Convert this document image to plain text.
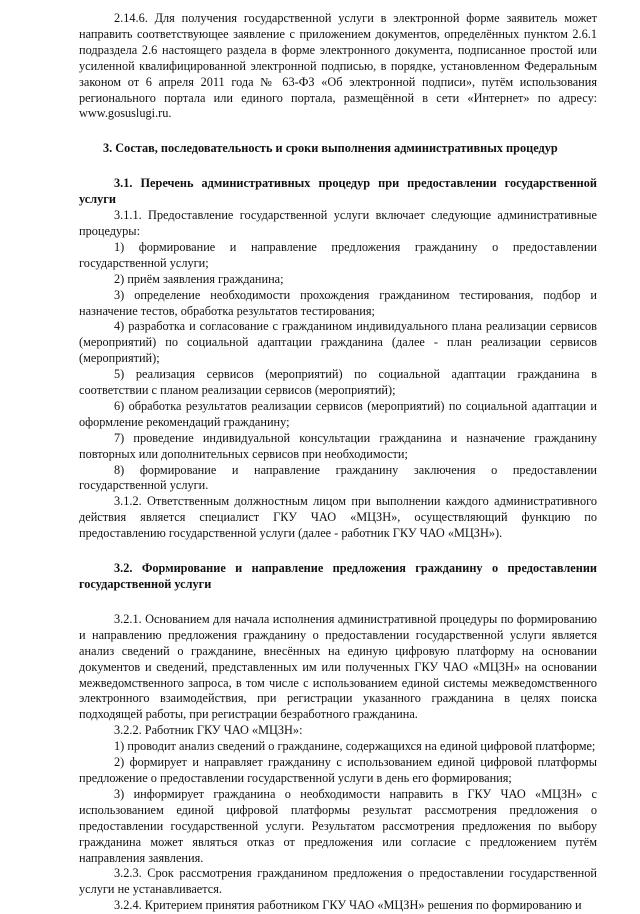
2.14.6. Для получения государственной услуги в электронной форме заявитель может направить соответствующее заявление с приложением документов, определённых пунктом 2.6.1 подраздела 2.6 настоящего раздела в форме электронного документа, подписанное простой или усиленной квалифицированной электронной подписью, в порядке, установленном Федеральным законом от 6 апреля 2011 года № 63-ФЗ «Об электронной подписи», путём использования регионального портала или единого портала, размещённой в сети «Интернет» по адресу: www.gosuslugi.ru.

3. Состав, последовательность и сроки выполнения административных процедур

3.1. Перечень административных процедур при предоставлении государственной услуги

3.1.1. Предоставление государственной услуги включает следующие административные процедуры:

1) формирование и направление предложения гражданину о предоставлении государственной услуги;

2) приём заявления гражданина;

3) определение необходимости прохождения гражданином тестирования, подбор и назначение тестов, обработка результатов тестирования;

4) разработка и согласование с гражданином индивидуального плана реализации сервисов (мероприятий) по социальной адаптации гражданина (далее - план реализации сервисов (мероприятий);

5) реализация сервисов (мероприятий) по социальной адаптации гражданина в соответствии с планом реализации сервисов (мероприятий);

6) обработка результатов реализации сервисов (мероприятий) по социальной адаптации и оформление рекомендаций гражданину;

7) проведение индивидуальной консультации гражданина и назначение гражданину повторных или дополнительных сервисов при необходимости;

8) формирование и направление гражданину заключения о предоставлении государственной услуги.

3.1.2. Ответственным должностным лицом при выполнении каждого административного действия является специалист ГКУ ЧАО «МЦЗН», осуществляющий функцию по предоставлению государственной услуги (далее - работник ГКУ ЧАО «МЦЗН»).

3.2. Формирование и направление предложения гражданину о предоставлении государственной услуги

3.2.1. Основанием для начала исполнения административной процедуры по формированию и направлению предложения гражданину о предоставлении государственной услуги является анализ сведений о гражданине, внесённых на единую цифровую платформу на основании документов и сведений, представленных им или полученных ГКУ ЧАО «МЦЗН» на основании межведомственного запроса, в том числе с использованием единой системы межведомственного электронного взаимодействия, при регистрации указанного гражданина в целях поиска подходящей работы, при регистрации безработного гражданина.

3.2.2. Работник ГКУ ЧАО «МЦЗН»:

1) проводит анализ сведений о гражданине, содержащихся на единой цифровой платформе;

2) формирует и направляет гражданину с использованием единой цифровой платформы предложение о предоставлении государственной услуги в день его формирования;

3) информирует гражданина о необходимости направить в ГКУ ЧАО «МЦЗН» с использованием единой цифровой платформы результат рассмотрения предложения о предоставлении государственной услуги. Результатом рассмотрения предложения по выбору гражданина может являться отказ от предложения или согласие с предложением путём направления заявления.

3.2.3. Срок рассмотрения гражданином предложения о предоставлении государственной услуги не устанавливается.

3.2.4. Критерием принятия работником ГКУ ЧАО «МЦЗН» решения по формированию и
